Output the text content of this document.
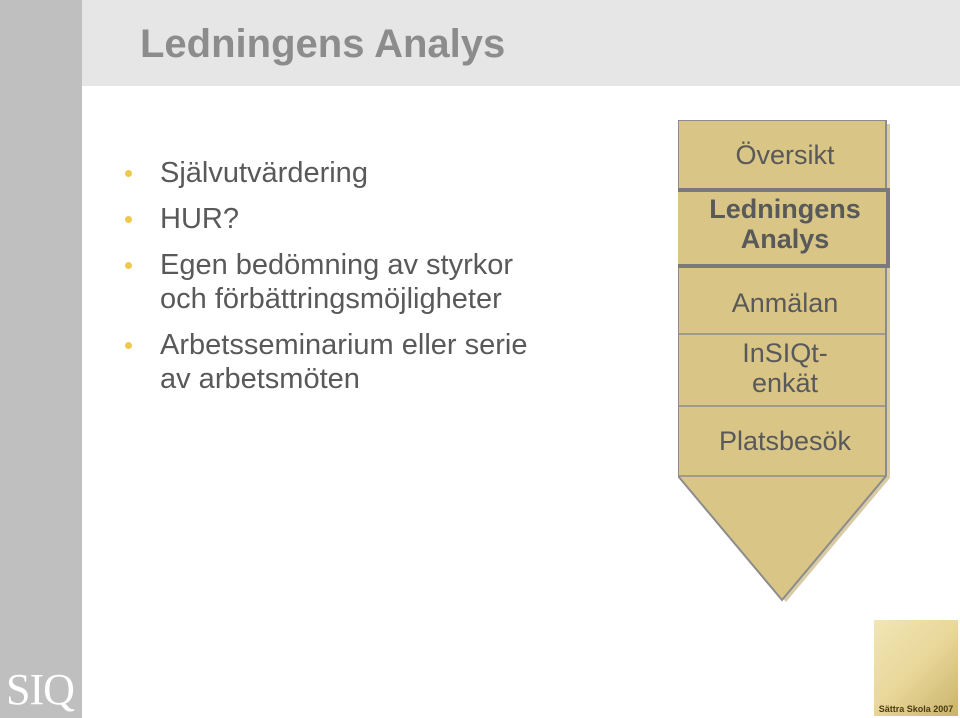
Ledningens Analys
Självutvärdering
HUR?
Egen bedömning av styrkor
och förbättringsmöjligheter
Arbetsseminarium eller serie
av arbetsmöten
Översikt
Ledningens
Analys
Anmälan
InSIQt-
enkät
Platsbesök
SIQ	Sättra Skola 2007
